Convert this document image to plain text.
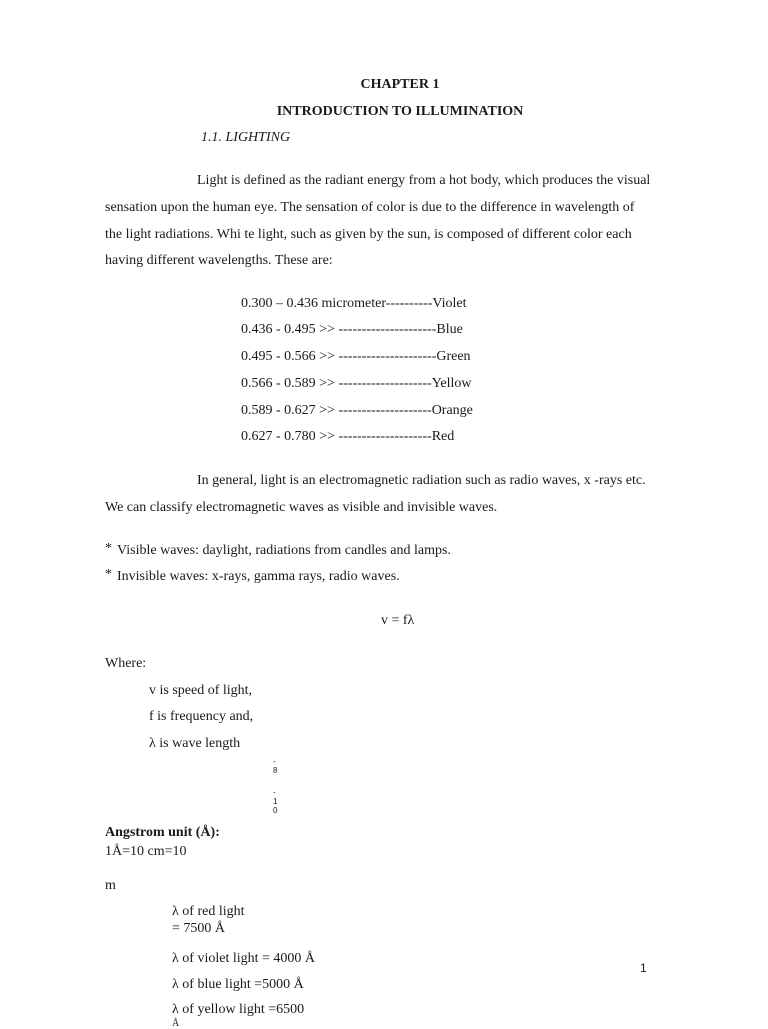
CHAPTER 1
INTRODUCTION TO ILLUMINATION
1.1. LIGHTING
Light is defined as the radiant energy from a hot body, which produces the visual
sensation upon the human eye. The sensation of color is due to the difference in wavelength of
the light radiations. Whi te light, such as given by the sun, is composed of different color each
having different wavelengths. These are:
0.300 – 0.436 micrometer----------Violet
0.436 - 0.495 >> ---------------------Blue
0.495 - 0.566 >> ---------------------Green
0.566 - 0.589 >> --------------------Yellow
0.589 - 0.627 >> --------------------Orange
0.627 - 0.780 >> --------------------Red
In general, light is an electromagnetic radiation such as radio waves, x -rays etc.
We can classify electromagnetic waves as visible and invisible waves.
* Visible waves: daylight, radiations from candles and lamps.
* Invisible waves: x-rays, gamma rays, radio waves.
v = fλ
Where:
v is speed of light,
f is frequency and,
λ is wave length
-
8
-
1
0
Angstrom unit (Å):
1Å=10 cm=10
m
λ of red light
= 7500 Å
λ of violet light = 4000 Å
λ of blue light =5000 Å
λ of yellow light =6500
Å
1
